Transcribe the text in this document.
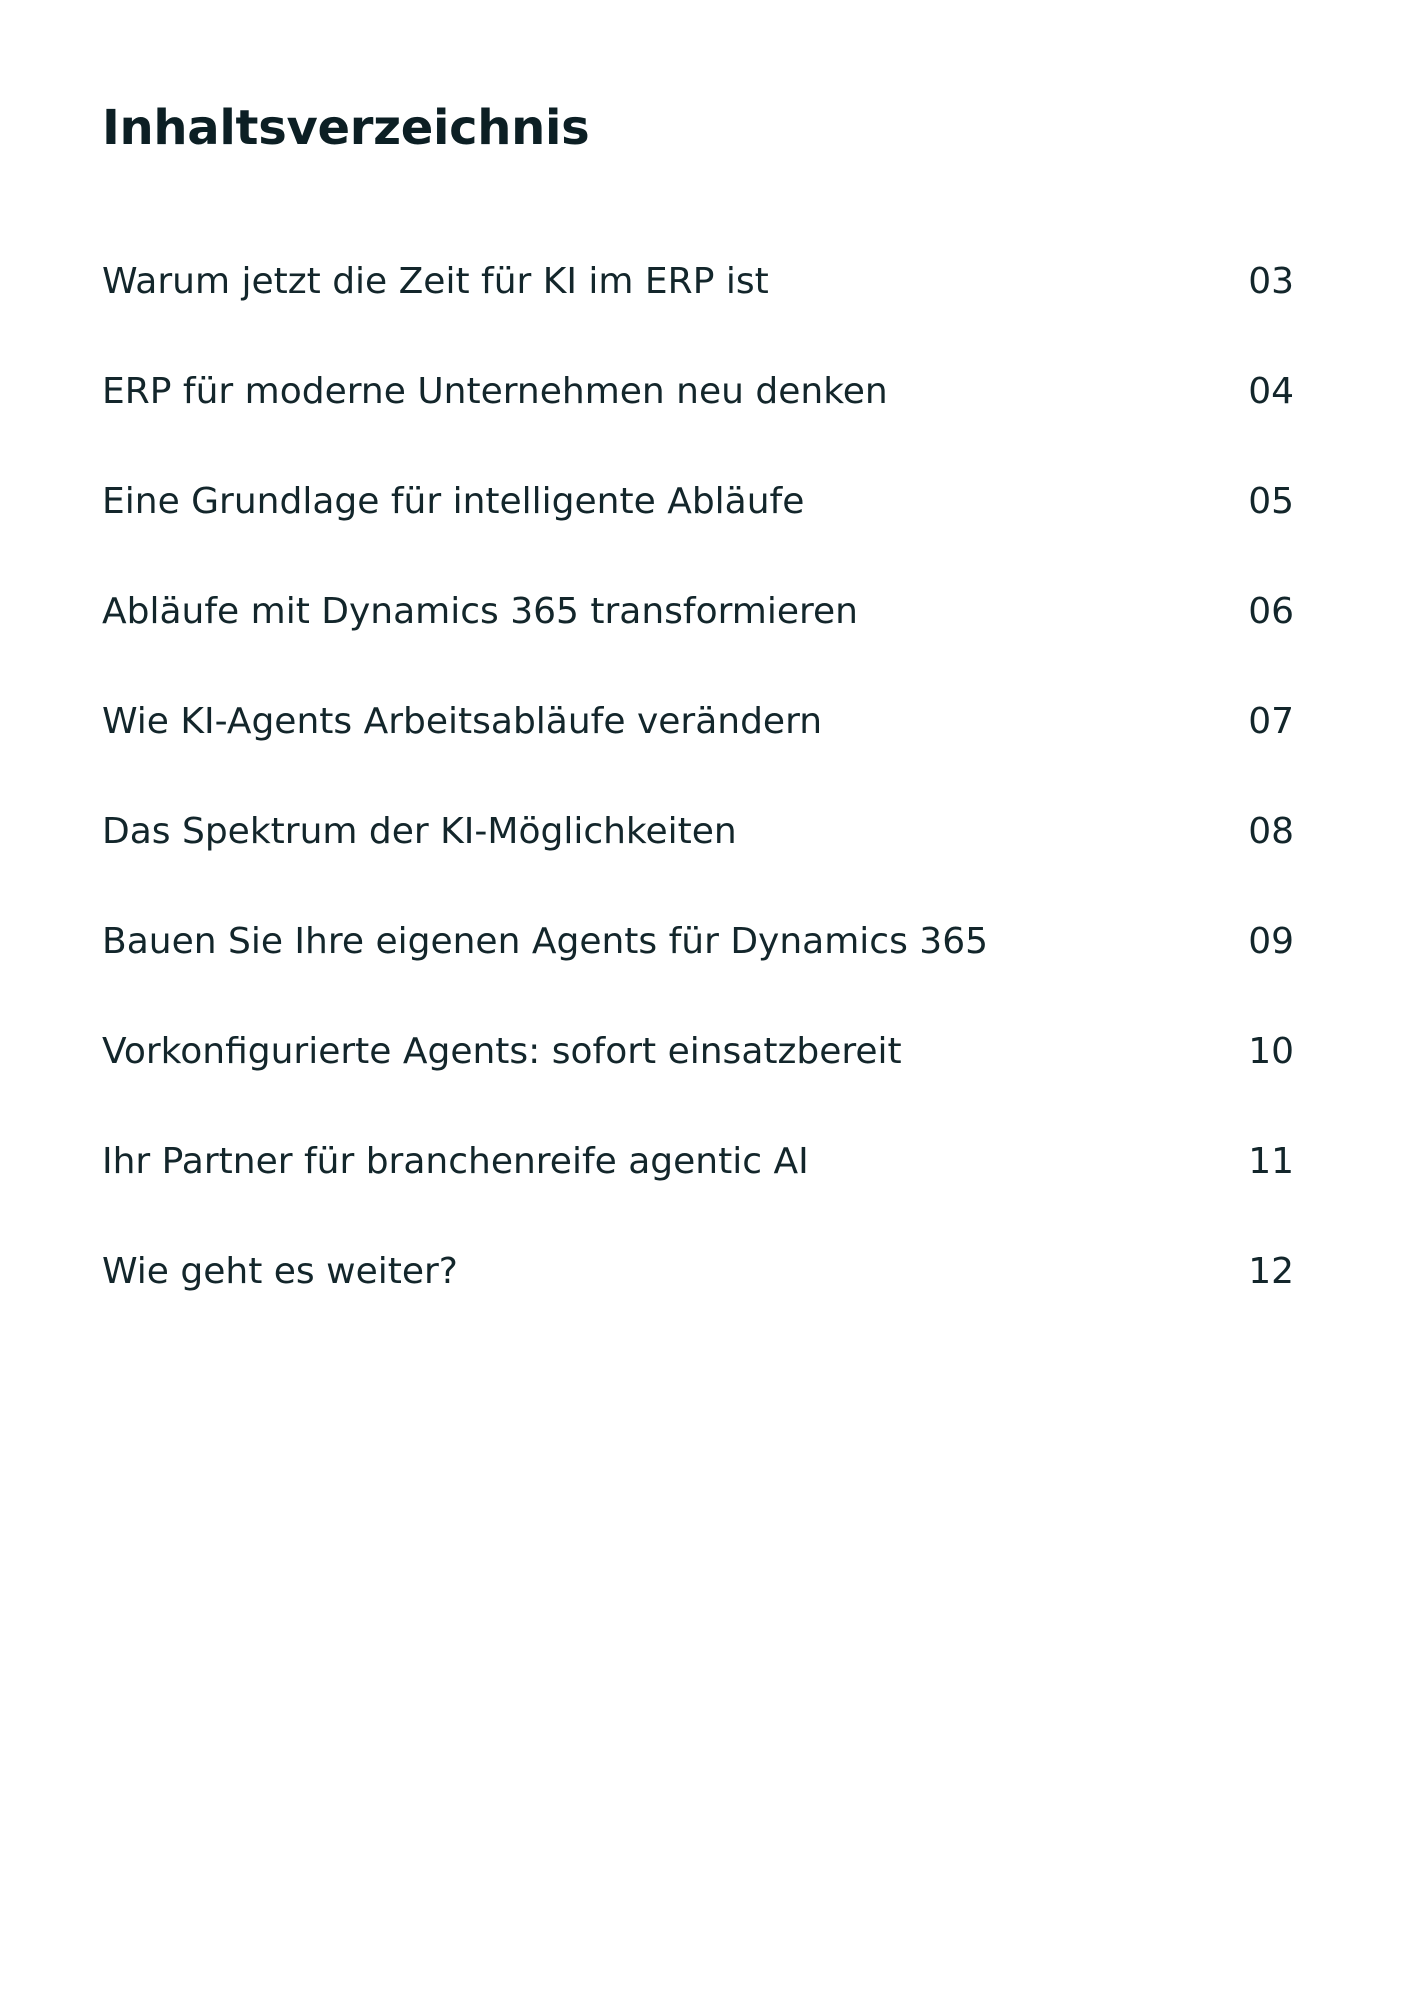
Inhaltsverzeichnis
Warum jetzt die Zeit für KI im ERP ist	03
ERP für moderne Unternehmen neu denken	04
Eine Grundlage für intelligente Abläufe	05
Abläufe mit Dynamics 365 transformieren	06
Wie KI-Agents Arbeitsabläufe verändern	07
Das Spektrum der KI-Möglichkeiten	08
Bauen Sie Ihre eigenen Agents für Dynamics 365	09
Vorkonfigurierte Agents: sofort einsatzbereit	10
Ihr Partner für branchenreife agentic AI	11
Wie geht es weiter?	12
